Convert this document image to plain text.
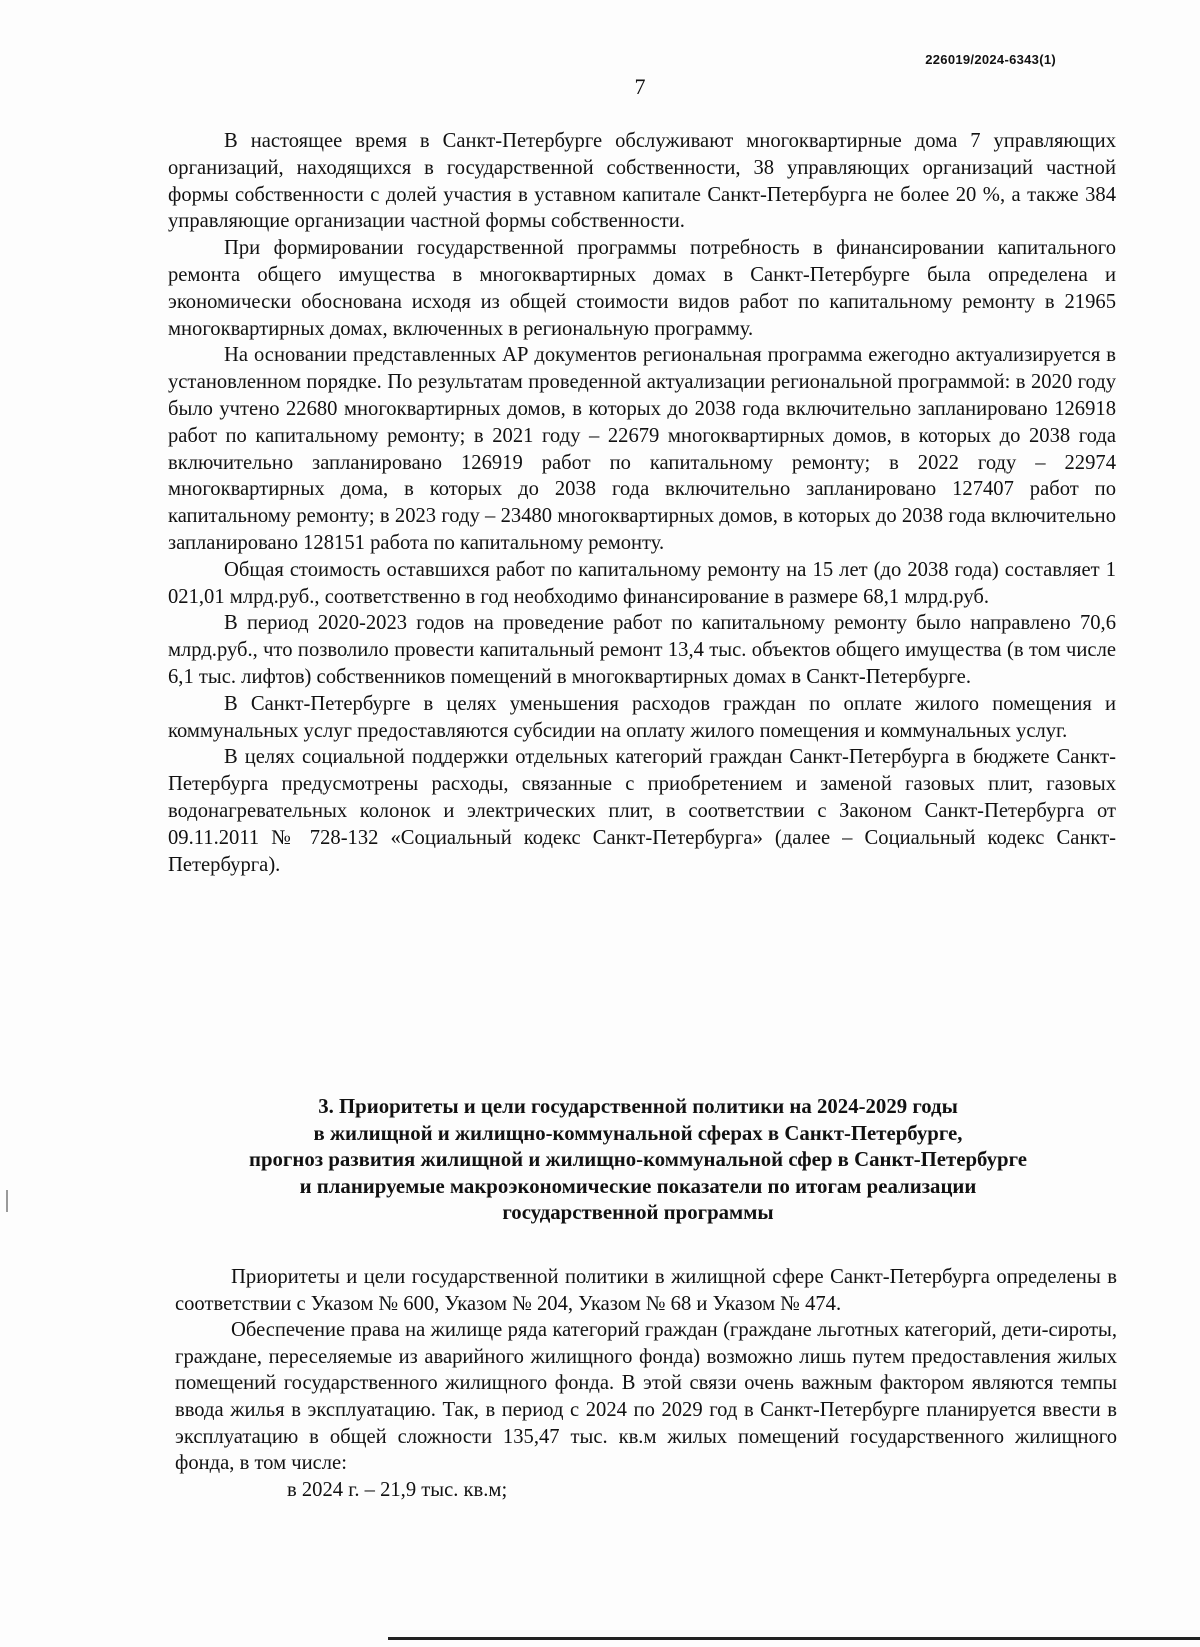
226019/2024-6343(1)
7

В настоящее время в Санкт-Петербурге обслуживают многоквартирные дома 7 управляющих организаций, находящихся в государственной собственности, 38 управляющих организаций частной формы собственности с долей участия в уставном капитале Санкт-Петербурга не более 20 %, а также 384 управляющие организации частной формы собственности.

При формировании государственной программы потребность в финансировании капитального ремонта общего имущества в многоквартирных домах в Санкт-Петербурге была определена и экономически обоснована исходя из общей стоимости видов работ по капитальному ремонту в 21965 многоквартирных домах, включенных в региональную программу.

На основании представленных АР документов региональная программа ежегодно актуализируется в установленном порядке. По результатам проведенной актуализации региональной программой: в 2020 году было учтено 22680 многоквартирных домов, в которых до 2038 года включительно запланировано 126918 работ по капитальному ремонту; в 2021 году – 22679 многоквартирных домов, в которых до 2038 года включительно запланировано 126919 работ по капитальному ремонту; в 2022 году – 22974 многоквартирных дома, в которых до 2038 года включительно запланировано 127407 работ по капитальному ремонту; в 2023 году – 23480 многоквартирных домов, в которых до 2038 года включительно запланировано 128151 работа по капитальному ремонту.

Общая стоимость оставшихся работ по капитальному ремонту на 15 лет (до 2038 года) составляет 1 021,01 млрд.руб., соответственно в год необходимо финансирование в размере 68,1 млрд.руб.

В период 2020-2023 годов на проведение работ по капитальному ремонту было направлено 70,6 млрд.руб., что позволило провести капитальный ремонт 13,4 тыс. объектов общего имущества (в том числе 6,1 тыс. лифтов) собственников помещений в многоквартирных домах в Санкт-Петербурге.

В Санкт-Петербурге в целях уменьшения расходов граждан по оплате жилого помещения и коммунальных услуг предоставляются субсидии на оплату жилого помещения и коммунальных услуг.

В целях социальной поддержки отдельных категорий граждан Санкт-Петербурга в бюджете Санкт-Петербурга предусмотрены расходы, связанные с приобретением и заменой газовых плит, газовых водонагревательных колонок и электрических плит, в соответствии с Законом Санкт-Петербурга от 09.11.2011 № 728-132 «Социальный кодекс Санкт-Петербурга» (далее – Социальный кодекс Санкт-Петербурга).

3. Приоритеты и цели государственной политики на 2024-2029 годы
в жилищной и жилищно-коммунальной сферах в Санкт-Петербурге,
прогноз развития жилищной и жилищно-коммунальной сфер в Санкт-Петербурге
и планируемые макроэкономические показатели по итогам реализации
государственной программы

Приоритеты и цели государственной политики в жилищной сфере Санкт-Петербурга определены в соответствии с Указом № 600, Указом № 204, Указом № 68 и Указом № 474.

Обеспечение права на жилище ряда категорий граждан (граждане льготных категорий, дети-сироты, граждане, переселяемые из аварийного жилищного фонда) возможно лишь путем предоставления жилых помещений государственного жилищного фонда. В этой связи очень важным фактором являются темпы ввода жилья в эксплуатацию. Так, в период с 2024 по 2029 год в Санкт-Петербурге планируется ввести в эксплуатацию в общей сложности 135,47 тыс. кв.м жилых помещений государственного жилищного фонда, в том числе:

в 2024 г. – 21,9 тыс. кв.м;
